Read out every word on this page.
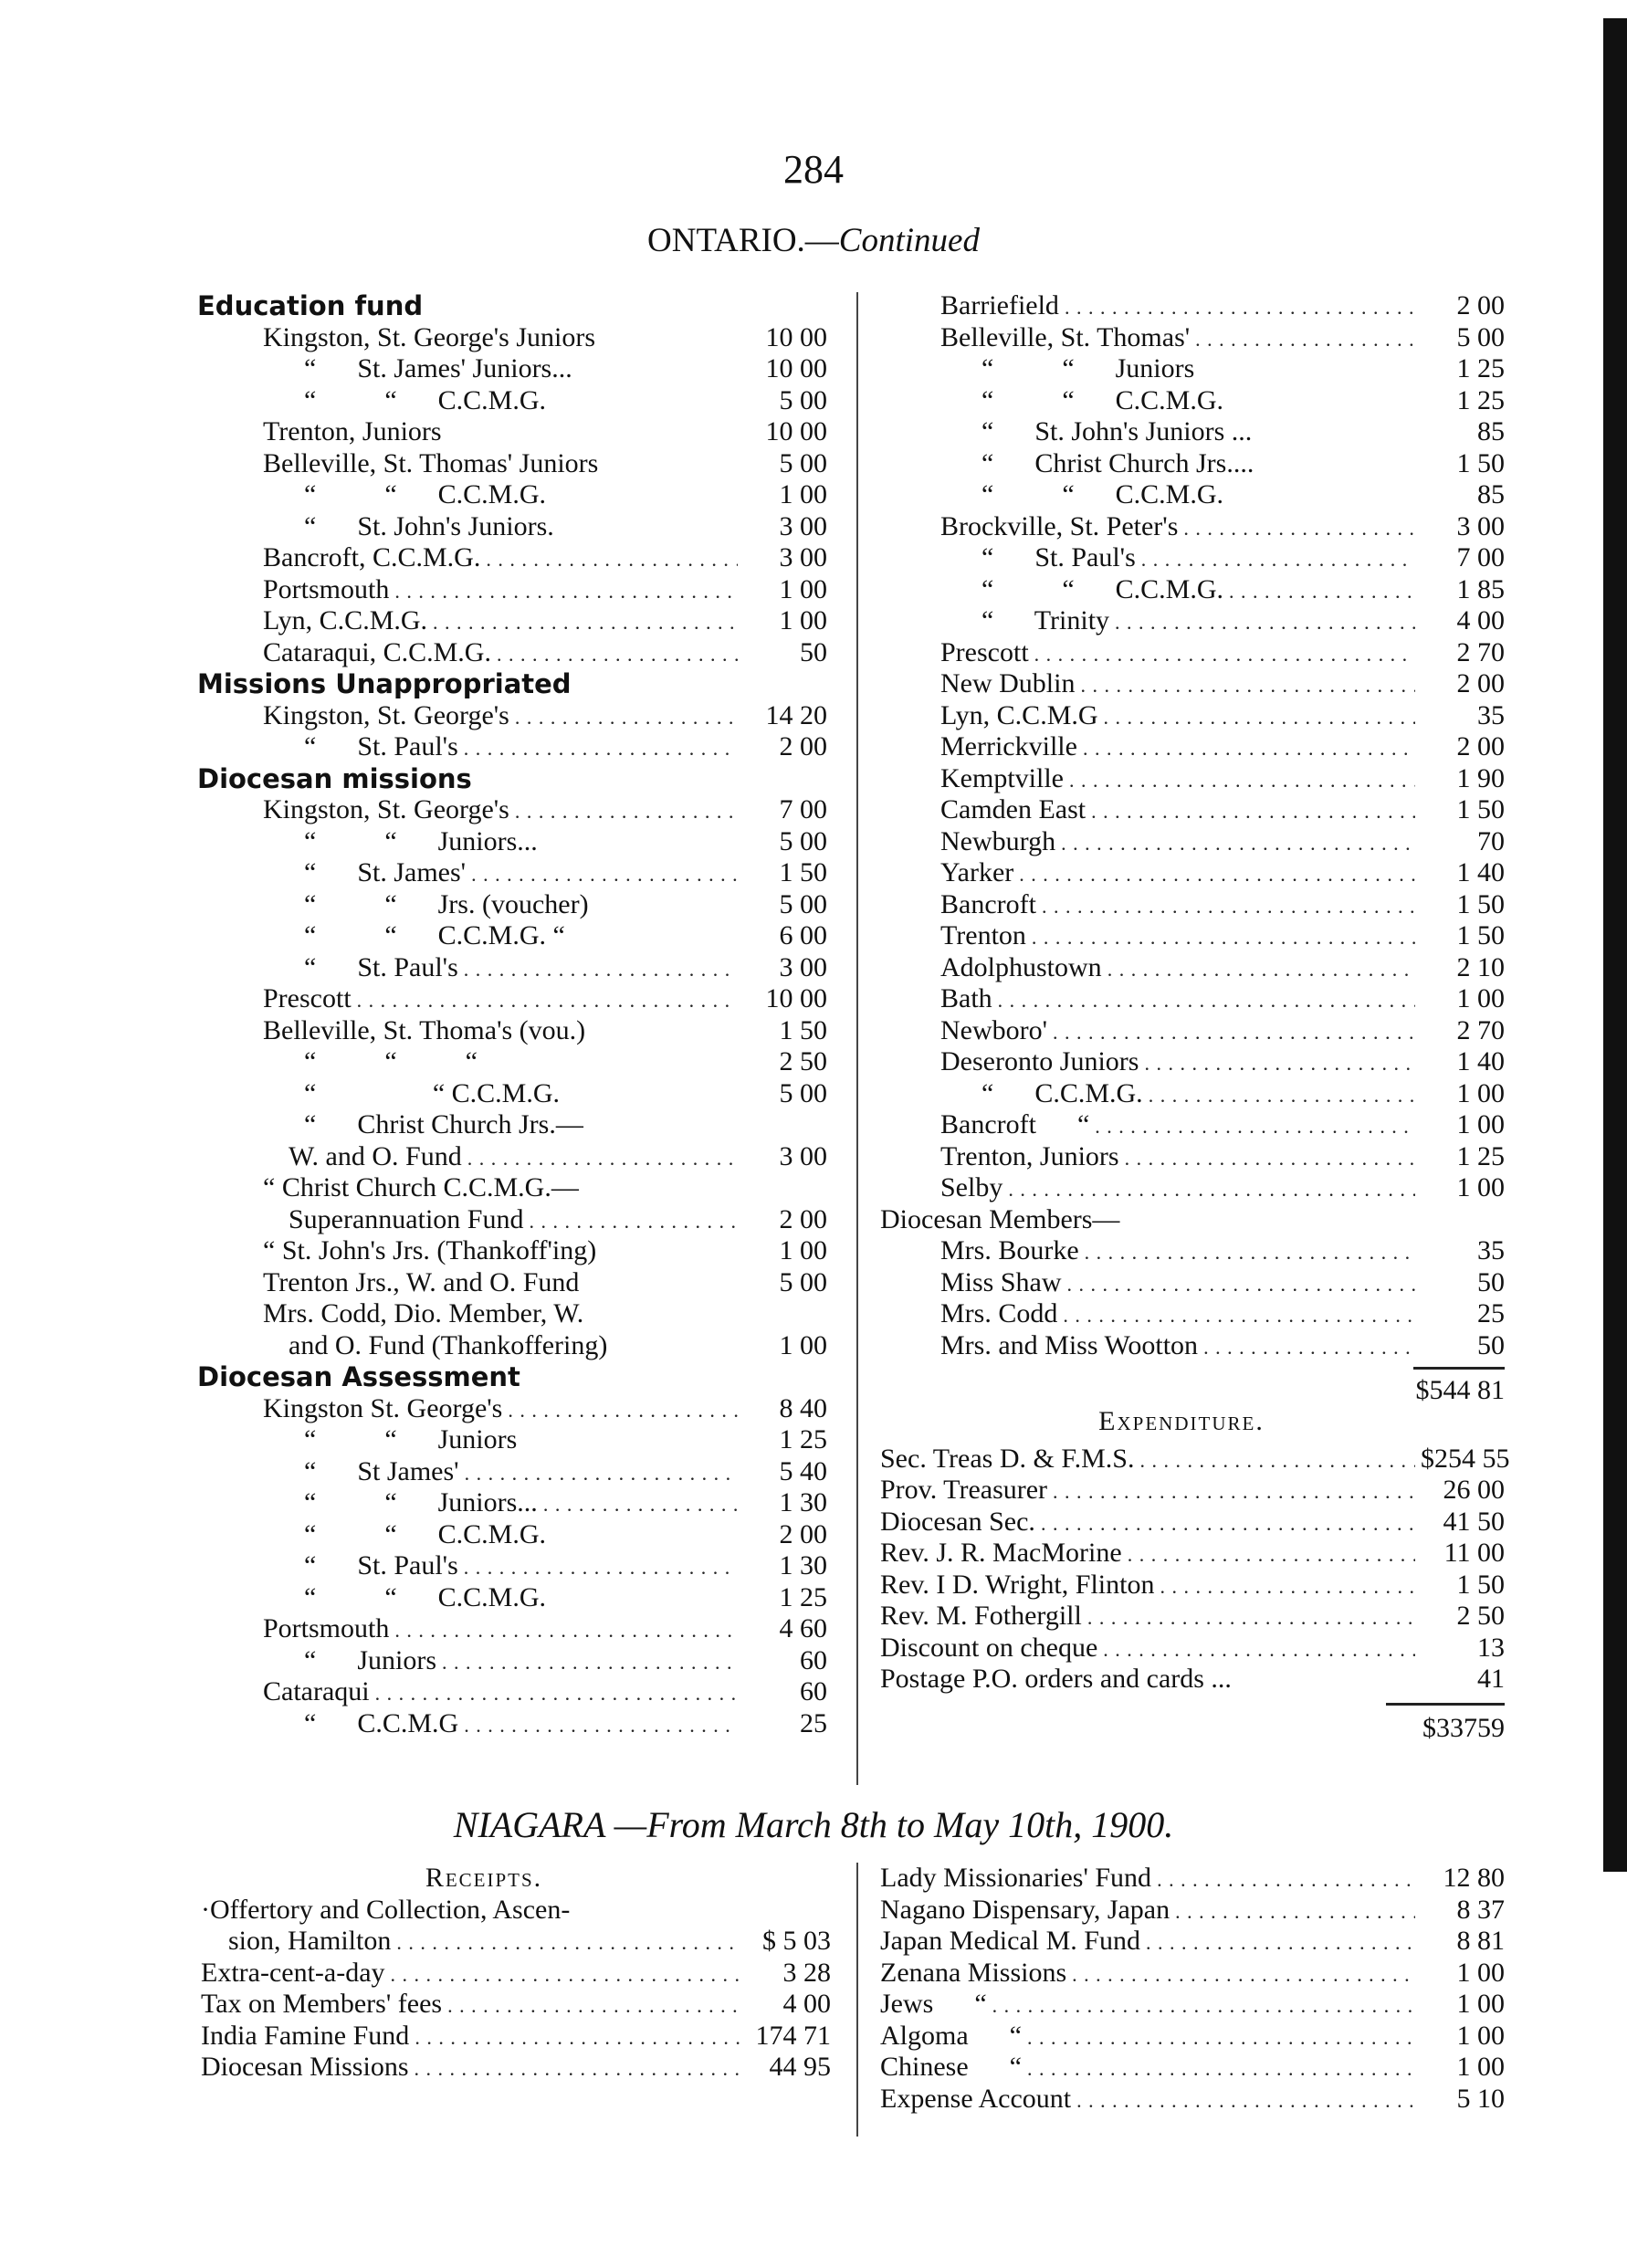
284
ONTARIO.—Continued
Education fund
Kingston, St. George's Juniors	10 00
“      St. James' Juniors...	10 00
“          “      C.C.M.G.	5 00
Trenton, Juniors	10 00
Belleville, St. Thomas' Juniors	5 00
“          “      C.C.M.G.	1 00
“      St. John's Juniors.	3 00
Bancroft, C.C.M.G. . . .	3 00
Portsmouth . . .	1 00
Lyn, C.C.M.G. . . .	1 00
Cataraqui, C.C.M.G. . . .	50
Missions Unappropriated
Kingston, St. George's . . .	14 20
“      St. Paul's . . .	2 00
Diocesan missions
Kingston, St. George's . . .	7 00
“          “      Juniors...	5 00
“      St. James' . . .	1 50
“          “      Jrs. (voucher)	5 00
“          “      C.C.M.G. “	6 00
“      St. Paul's . . .	3 00
Prescott . . .	10 00
Belleville, St. Thoma's (vou.)	1 50
“          “          “	2 50
“                 “ C.C.M.G.	5 00
“      Christ Church Jrs.—
W. and O. Fund . . .	3 00
“ Christ Church C.C.M.G.—
Superannuation Fund . . .	2 00
“ St. John's Jrs. (Thankoff'ing)	1 00
Trenton Jrs., W. and O. Fund	5 00
Mrs. Codd, Dio. Member, W.
and O. Fund (Thankoffering)	1 00
Diocesan Assessment
Kingston St. George's . . .	8 40
“          “      Juniors	1 25
“      St James' . . .	5 40
“          “      Juniors... . . .	1 30
“          “      C.C.M.G.	2 00
“      St. Paul's . . .	1 30
“          “      C.C.M.G.	1 25
Portsmouth . . .	4 60
“      Juniors . . .	60
Cataraqui . . .	60
“      C.C.M.G . . .	25
Barriefield . . .	2 00
Belleville, St. Thomas' . . .	5 00
“          “      Juniors	1 25
“          “      C.C.M.G.	1 25
“      St. John's Juniors ...	85
“      Christ Church Jrs....	1 50
“          “      C.C.M.G.	85
Brockville, St. Peter's . . .	3 00
“      St. Paul's . . .	7 00
“          “      C.C.M.G. . . .	1 85
“      Trinity . . .	4 00
Prescott . . .	2 70
New Dublin . . .	2 00
Lyn, C.C.M.G . . .	35
Merrickville . . .	2 00
Kemptville . . .	1 90
Camden East . . .	1 50
Newburgh . . .	70
Yarker . . .	1 40
Bancroft . . .	1 50
Trenton . . .	1 50
Adolphustown . . .	2 10
Bath . . .	1 00
Newboro' . . .	2 70
Deseronto Juniors . . .	1 40
“      C.C.M.G. . . .	1 00
Bancroft      “ . . .	1 00
Trenton, Juniors . . .	1 25
Selby . . .	1 00
Diocesan Members—
Mrs. Bourke . . .	35
Miss Shaw . . .	50
Mrs. Codd . . .	25
Mrs. and Miss Wootton . . .	50
$544 81
Expenditure.
Sec. Treas D. & F.M.S. . . .	$254 55
Prov. Treasurer . . .	26 00
Diocesan Sec. . . .	41 50
Rev. J. R. MacMorine . . .	11 00
Rev. I D. Wright, Flinton . . .	1 50
Rev. M. Fothergill . . .	2 50
Discount on cheque . . .	13
Postage P.O. orders and cards ...	41
$33759
NIAGARA —From March 8th to May 10th, 1900.
Receipts.
·Offertory and Collection, Ascen-
sion, Hamilton . . .	$ 5 03
Extra-cent-a-day . . .	3 28
Tax on Members' fees . . .	4 00
India Famine Fund . . .	174 71
Diocesan Missions . . .	44 95
Lady Missionaries' Fund . . .	12 80
Nagano Dispensary, Japan . . .	8 37
Japan Medical M. Fund . . .	8 81
Zenana Missions . . .	1 00
Jews      “ . . .	1 00
Algoma      “ . . .	1 00
Chinese      “ . . .	1 00
Expense Account . . .	5 10
